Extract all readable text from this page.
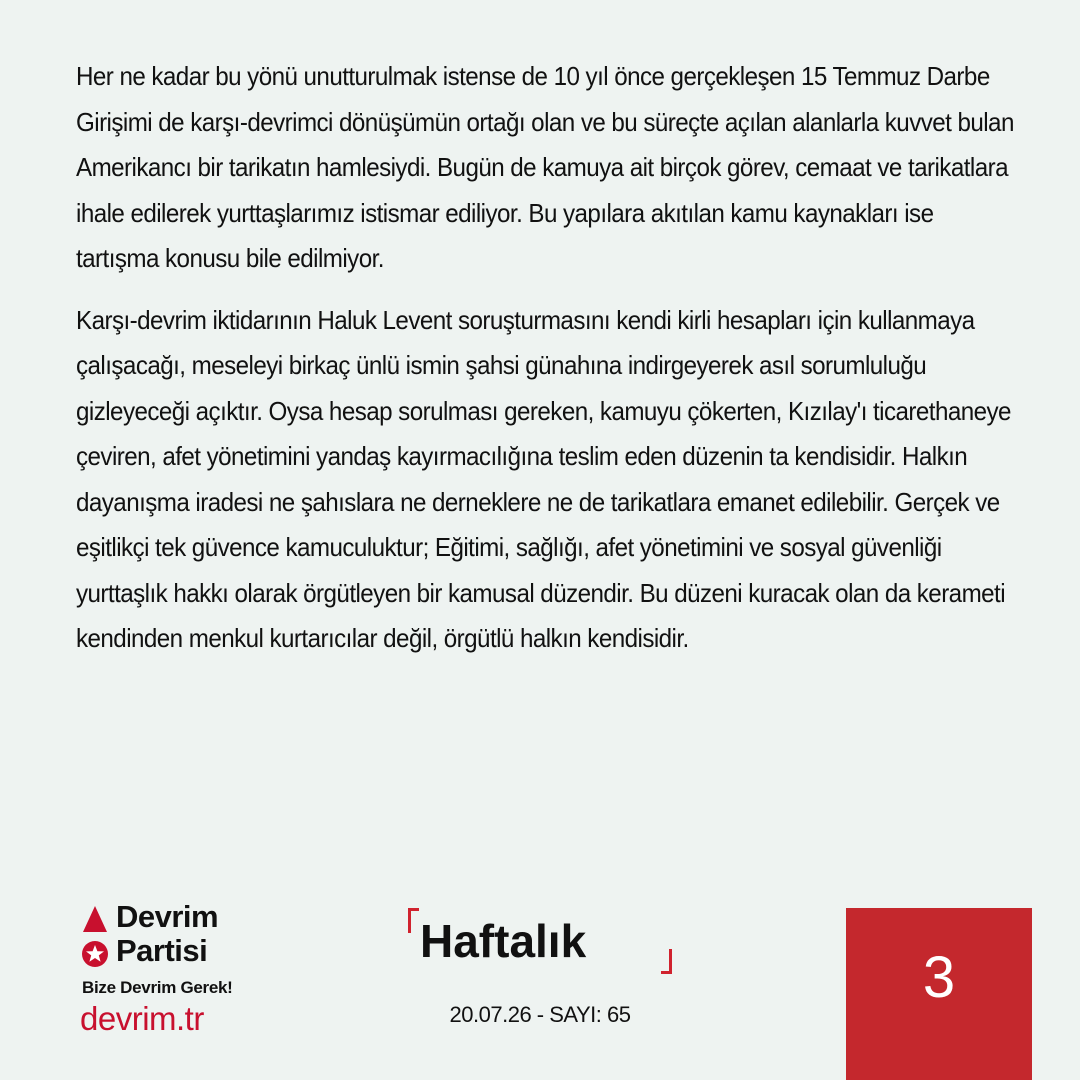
Her ne kadar bu yönü unutturulmak istense de 10 yıl önce gerçekleşen 15 Temmuz Darbe Girişimi de karşı-devrimci dönüşümün ortağı olan ve bu süreçte açılan alanlarla kuvvet bulan Amerikancı bir tarikatın hamlesiydi. Bugün de kamuya ait birçok görev, cemaat ve tarikatlara ihale edilerek yurttaşlarımız istismar ediliyor. Bu yapılara akıtılan kamu kaynakları ise tartışma konusu bile edilmiyor.

Karşı-devrim iktidarının Haluk Levent soruşturmasını kendi kirli hesapları için kullanmaya çalışacağı, meseleyi birkaç ünlü ismin şahsi günahına indirgeyerek asıl sorumluluğu gizleyeceği açıktır. Oysa hesap sorulması gereken, kamuyu çökerten, Kızılay'ı ticarethaneye çeviren, afet yönetimini yandaş kayırmacılığına teslim eden düzenin ta kendisidir. Halkın dayanışma iradesi ne şahıslara ne derneklere ne de tarikatlara emanet edilebilir. Gerçek ve eşitlikçi tek güvence kamuculuktur; Eğitimi, sağlığı, afet yönetimini ve sosyal güvenliği yurttaşlık hakkı olarak örgütleyen bir kamusal düzendir. Bu düzeni kuracak olan da kerameti kendinden menkul kurtarıcılar değil, örgütlü halkın kendisidir.

Devrim
Partisi
Bize Devrim Gerek!
devrim.tr
Haftalık
20.07.26 - SAYI: 65
3
